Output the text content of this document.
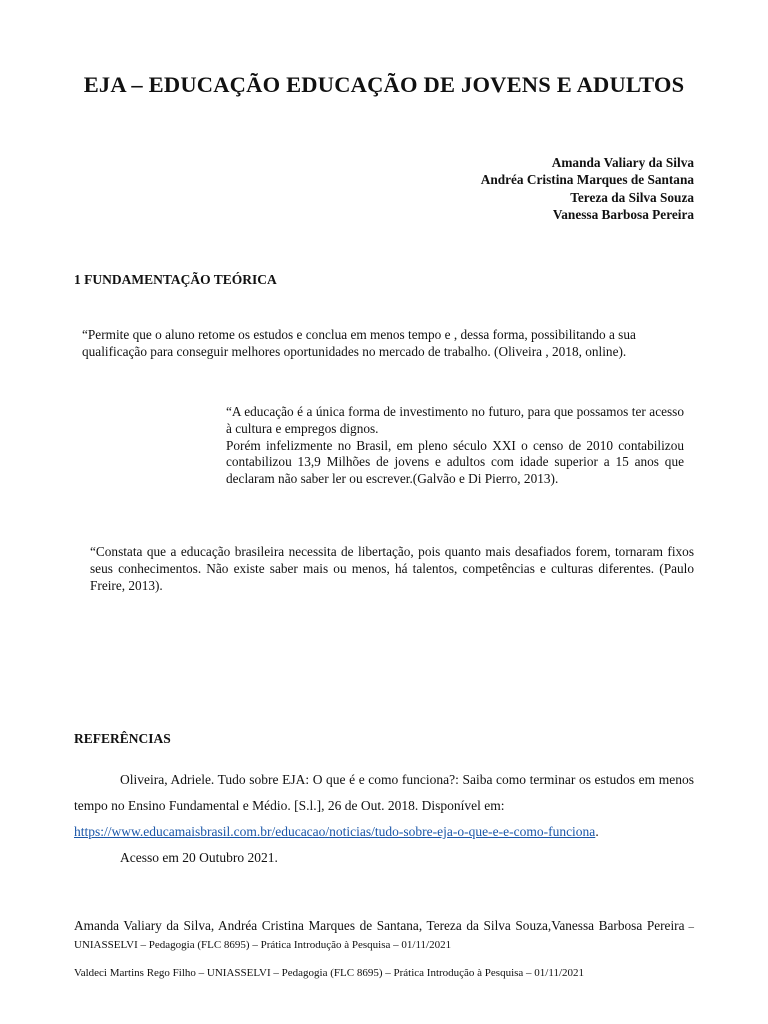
EJA – EDUCAÇÃO EDUCAÇÃO DE JOVENS E ADULTOS
Amanda Valiary da Silva
Andréa Cristina Marques de Santana
Tereza da Silva Souza
Vanessa Barbosa Pereira
1 FUNDAMENTAÇÃO TEÓRICA
“Permite que o aluno retome os estudos e conclua em menos tempo e , dessa forma, possibilitando a sua qualificação para conseguir melhores oportunidades no mercado de trabalho. (Oliveira , 2018, online).
“A educação é a única forma de investimento no futuro, para que possamos ter acesso à cultura e empregos dignos.
Porém infelizmente no Brasil, em pleno século XXI o censo de 2010 contabilizou contabilizou 13,9 Milhões de jovens e adultos com idade superior a 15 anos que declaram não saber ler ou escrever.(Galvão e Di Pierro, 2013).
“Constata que a educação brasileira necessita de libertação, pois quanto mais desafiados forem, tornaram fixos seus conhecimentos. Não existe saber mais ou menos, há talentos, competências e culturas diferentes. (Paulo Freire, 2013).
REFERÊNCIAS

Oliveira, Adriele. Tudo sobre EJA: O que é e como funciona?: Saiba como terminar os estudos em menos tempo no Ensino Fundamental e Médio. [S.l.], 26 de Out. 2018. Disponível em:

https://www.educamaisbrasil.com.br/educacao/noticias/tudo-sobre-eja-o-que-e-e-como-funciona.

Acesso em 20 Outubro 2021.

Amanda Valiary da Silva, Andréa Cristina Marques de Santana, Tereza da Silva Souza,Vanessa Barbosa Pereira – UNIASSELVI – Pedagogia (FLC 8695) – Prática Introdução à Pesquisa – 01/11/2021
Valdeci Martins Rego Filho – UNIASSELVI – Pedagogia (FLC 8695) – Prática Introdução à Pesquisa – 01/11/2021
